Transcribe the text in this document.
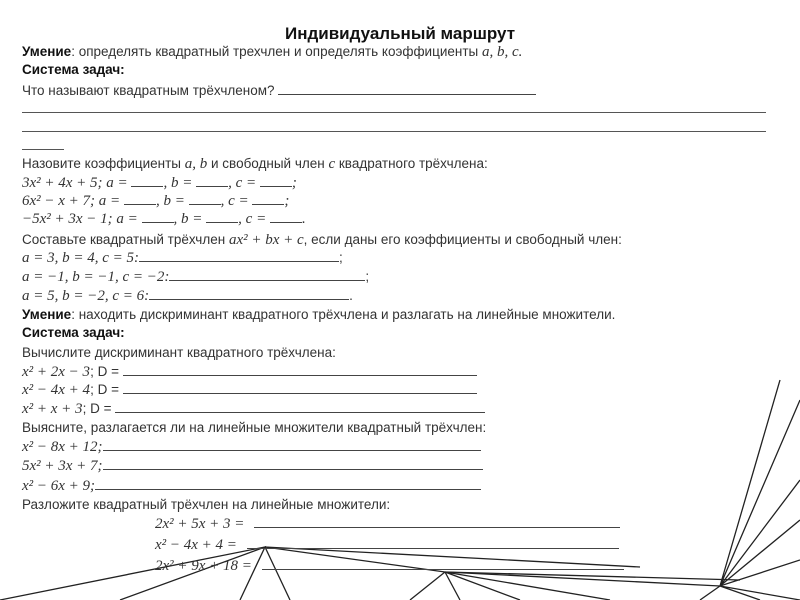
Индивидуальный маршрут
Умение: определять квадратный трехчлен и определять коэффициенты a, b, c.
Система задач:
Что называют квадратным трёхчленом?
Назовите коэффициенты a, b и свободный член c квадратного трёхчлена:
3x² + 4x + 5; a = , b = , c = ;
6x² − x + 7; a = , b = , c = ;
−5x² + 3x − 1; a = , b = , c = .
Составьте квадратный трёхчлен ax² + bx + c, если даны его коэффициенты и свободный член:
a = 3, b = 4, c = 5:	;
a = −1, b = −1, c = −2:	;
a = 5, b = −2, c = 6:	.
Умение: находить дискриминант квадратного трёхчлена и разлагать на линейные множители.
Система задач:
Вычислите дискриминант квадратного трёхчлена:
x² + 2x − 3; D =
x² − 4x + 4; D =
x² + x + 3; D =
Выясните, разлагается ли на линейные множители квадратный трёхчлен:
x² − 8x + 12;
5x² + 3x + 7;
x² − 6x + 9;
Разложите квадратный трёхчлен на линейные множители:
2x² + 5x + 3 =
x² − 4x + 4 =
2x² + 9x + 18 =
